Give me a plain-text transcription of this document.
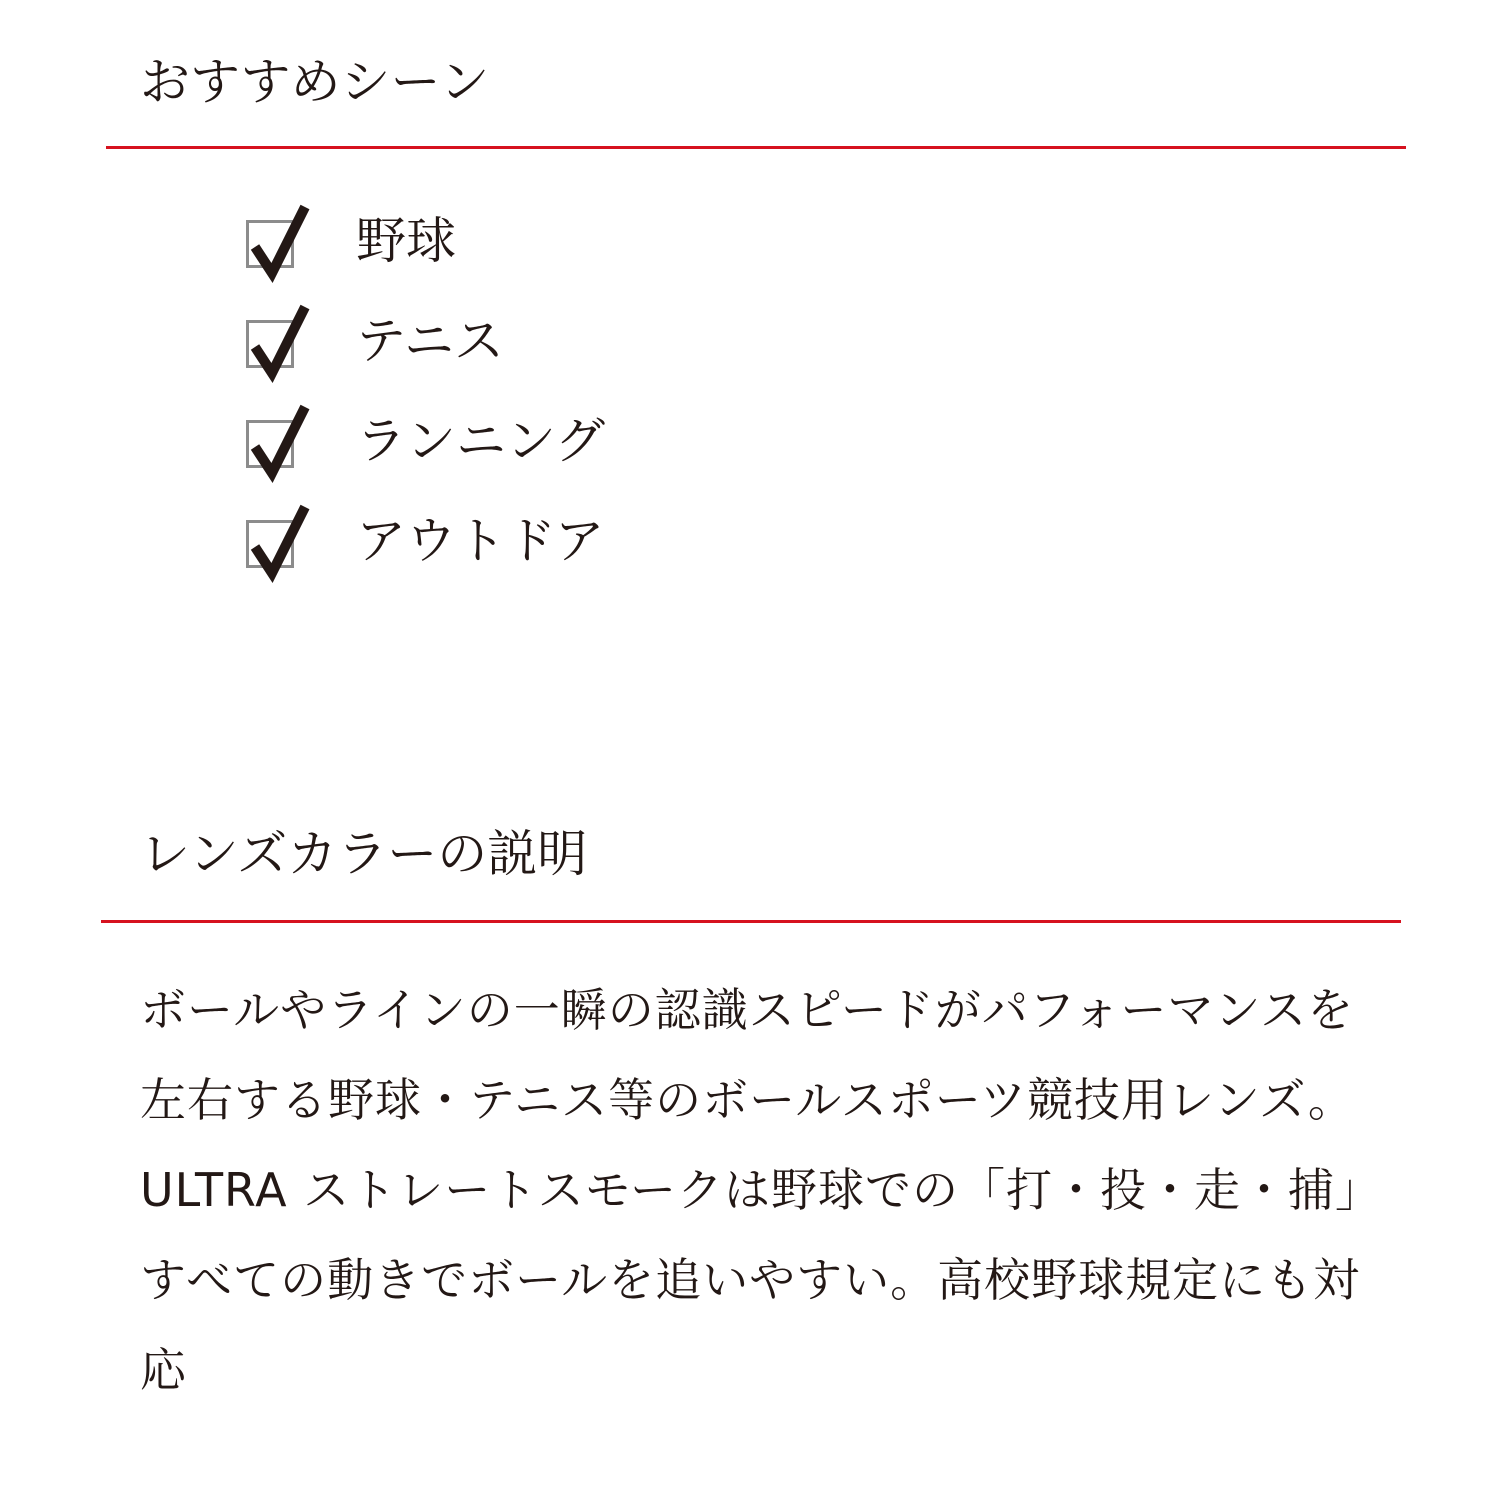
おすすめシーン
野球
テニス
ランニング
アウトドア
レンズカラーの説明

ボールやラインの一瞬の認識スピードがパフォーマンスを左右する野球・テニス等のボールスポーツ競技用レンズ。ULTRA ストレートスモークは野球での「打・投・走・捕」すべての動きでボールを追いやすい。高校野球規定にも対応
